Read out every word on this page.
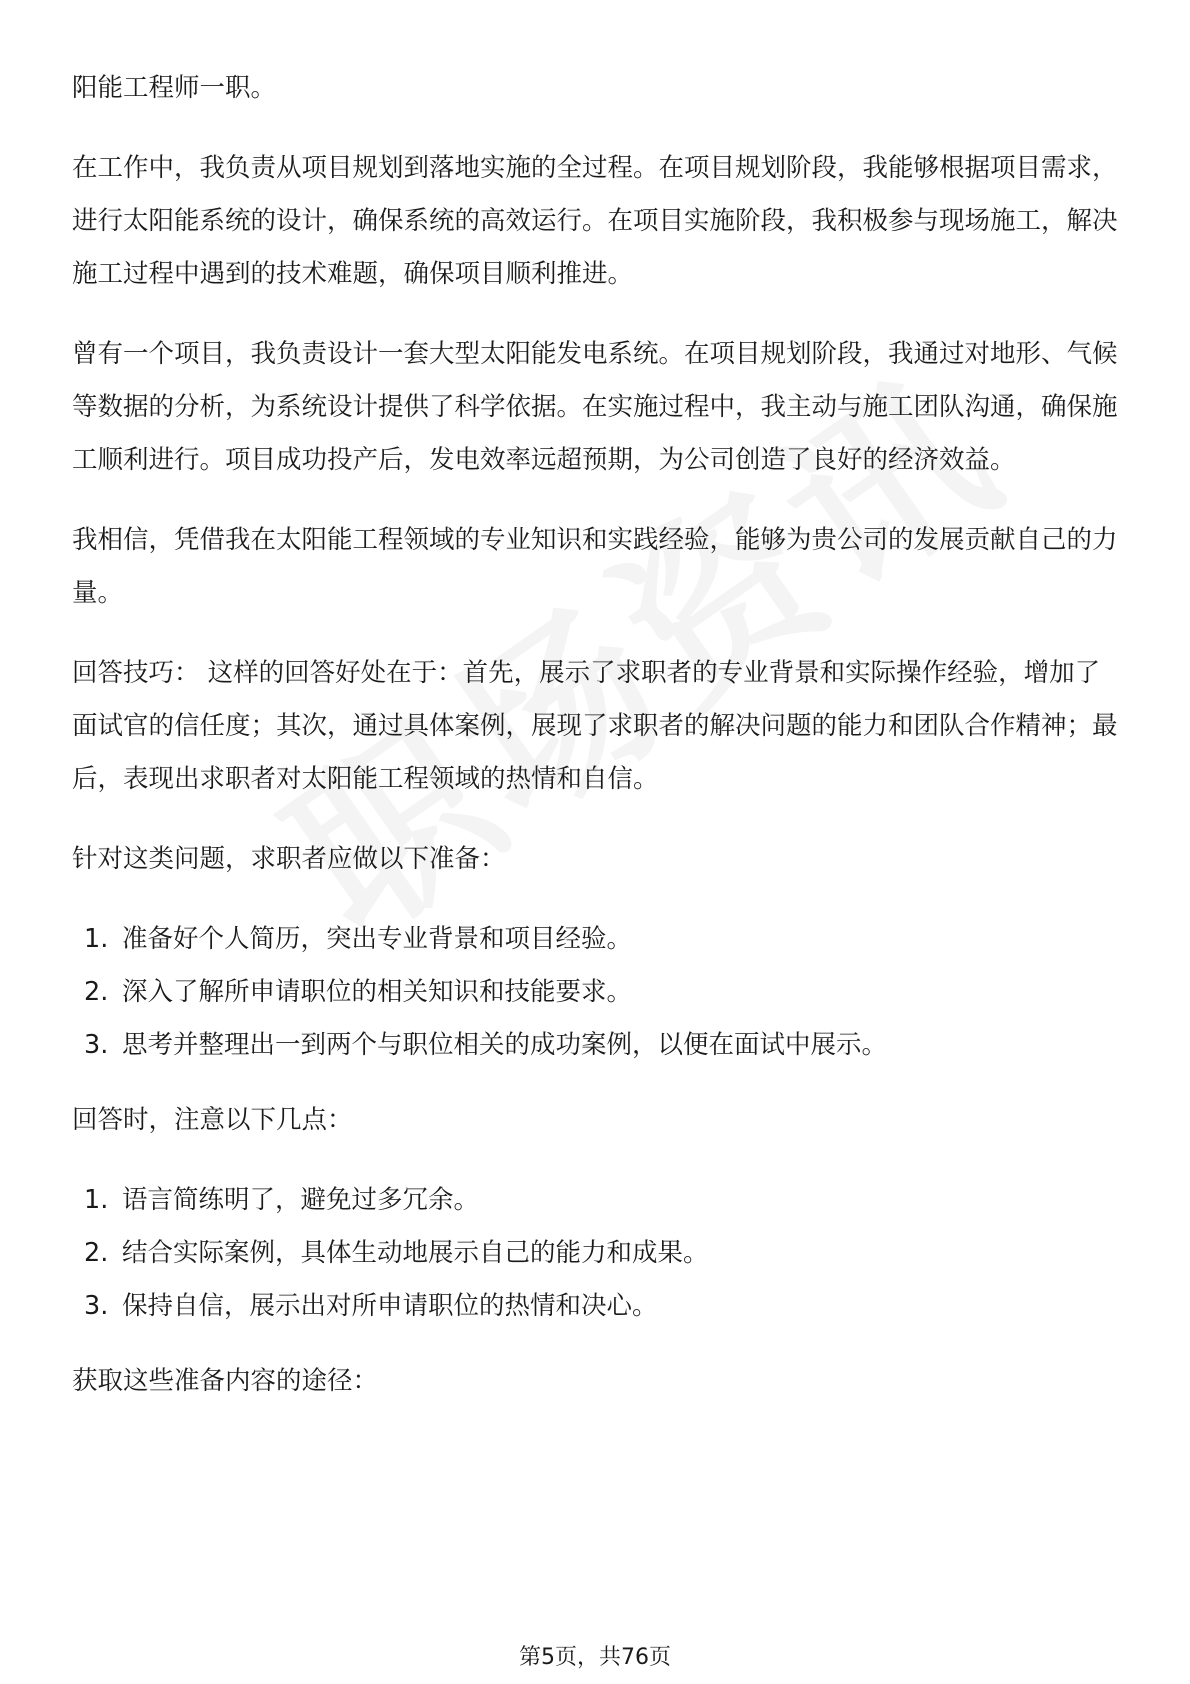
阳能工程师一职。

在工作中，我负责从项目规划到落地实施的全过程。在项目规划阶段，我能够根据项目需求，进行太阳能系统的设计，确保系统的高效运行。在项目实施阶段，我积极参与现场施工，解决施工过程中遇到的技术难题，确保项目顺利推进。

曾有一个项目，我负责设计一套大型太阳能发电系统。在项目规划阶段，我通过对地形、气候等数据的分析，为系统设计提供了科学依据。在实施过程中，我主动与施工团队沟通，确保施工顺利进行。项目成功投产后，发电效率远超预期，为公司创造了良好的经济效益。

我相信，凭借我在太阳能工程领域的专业知识和实践经验，能够为贵公司的发展贡献自己的力量。

回答技巧： 这样的回答好处在于：首先，展示了求职者的专业背景和实际操作经验，增加了面试官的信任度；其次，通过具体案例，展现了求职者的解决问题的能力和团队合作精神；最后，表现出求职者对太阳能工程领域的热情和自信。

针对这类问题，求职者应做以下准备：

1. 准备好个人简历，突出专业背景和项目经验。
2. 深入了解所申请职位的相关知识和技能要求。
3. 思考并整理出一到两个与职位相关的成功案例，以便在面试中展示。

回答时，注意以下几点：

1. 语言简练明了，避免过多冗余。
2. 结合实际案例，具体生动地展示自己的能力和成果。
3. 保持自信，展示出对所申请职位的热情和决心。

获取这些准备内容的途径：

第5页，共76页
